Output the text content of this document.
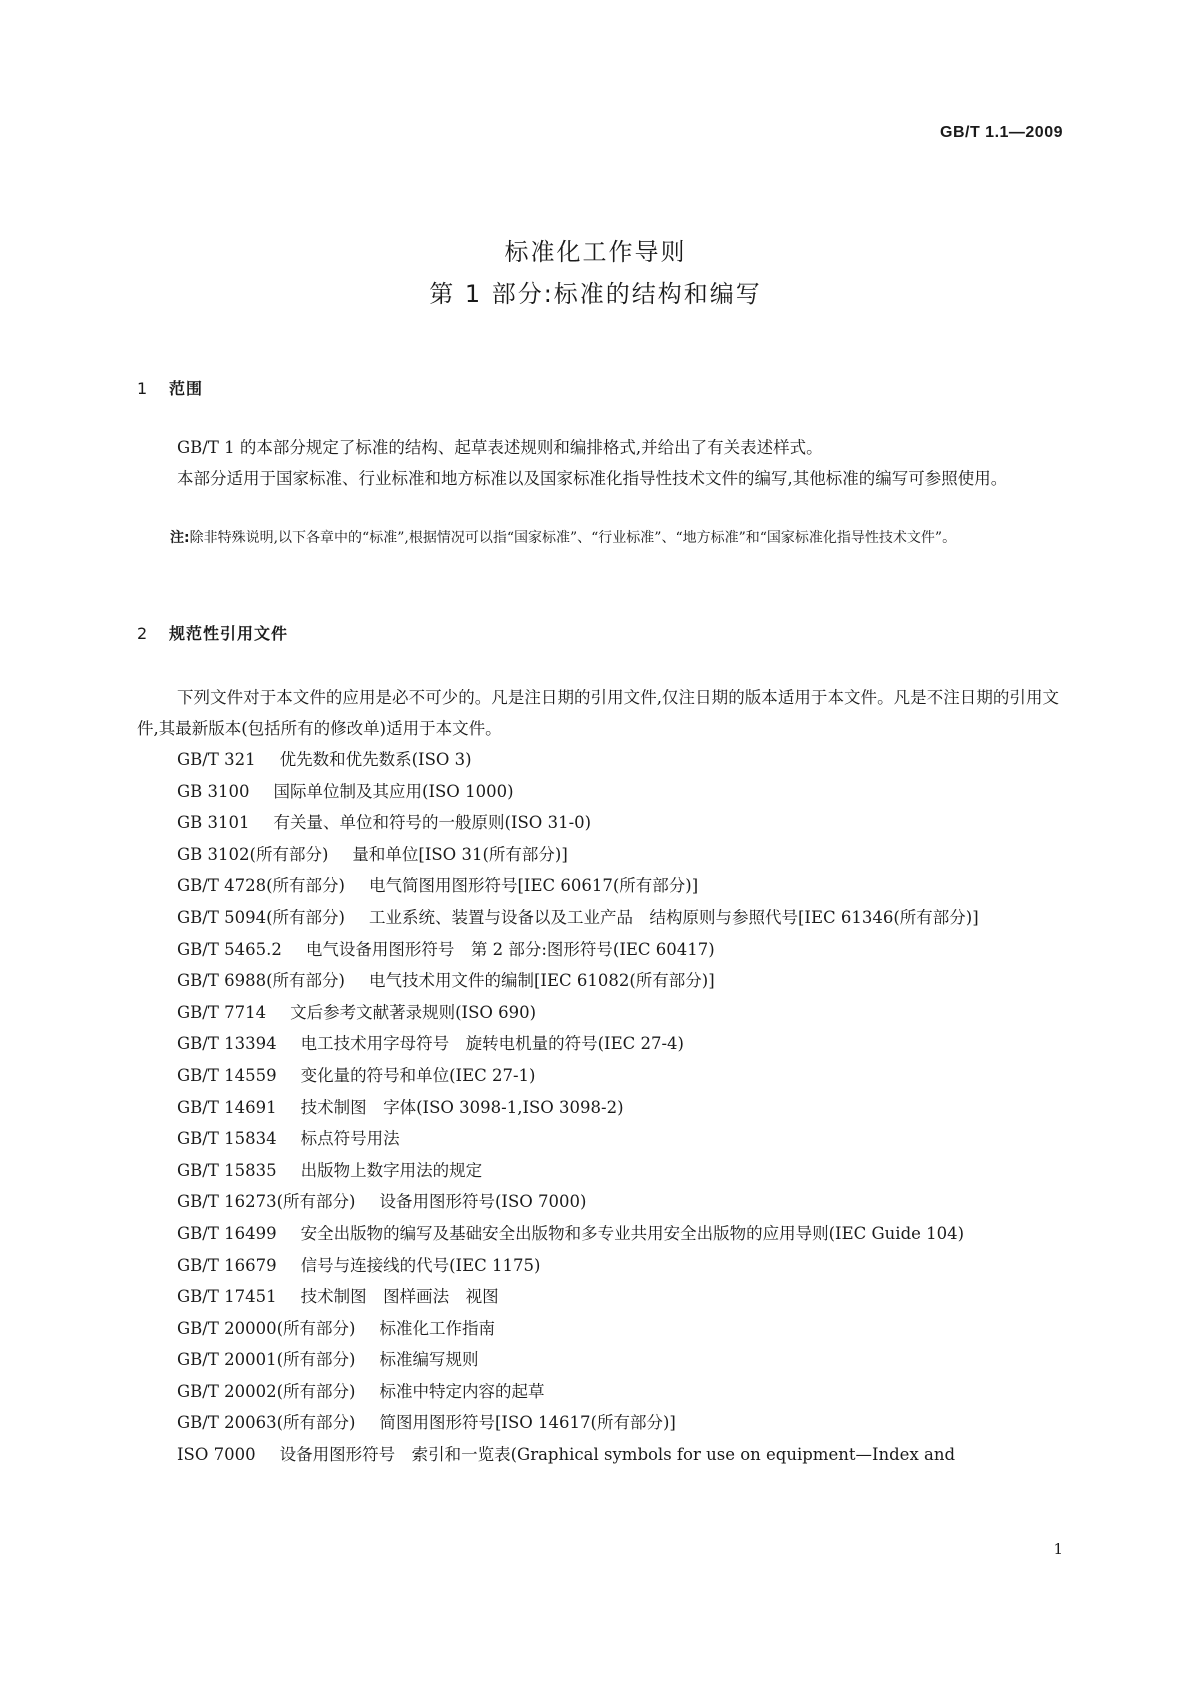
GB/T 1.1—2009
标准化工作导则
第 1 部分:标准的结构和编写
1 范围
GB/T 1 的本部分规定了标准的结构、起草表述规则和编排格式,并给出了有关表述样式。
本部分适用于国家标准、行业标准和地方标准以及国家标准化指导性技术文件的编写,其他标准的编写可参照使用。
注:除非特殊说明,以下各章中的“标准”,根据情况可以指“国家标准”、“行业标准”、“地方标准”和“国家标准化指导性技术文件”。
2 规范性引用文件
下列文件对于本文件的应用是必不可少的。凡是注日期的引用文件,仅注日期的版本适用于本文件。凡是不注日期的引用文件,其最新版本(包括所有的修改单)适用于本文件。
GB/T 321 优先数和优先数系(ISO 3)
GB 3100 国际单位制及其应用(ISO 1000)
GB 3101 有关量、单位和符号的一般原则(ISO 31-0)
GB 3102(所有部分) 量和单位[ISO 31(所有部分)]
GB/T 4728(所有部分) 电气简图用图形符号[IEC 60617(所有部分)]
GB/T 5094(所有部分) 工业系统、装置与设备以及工业产品　结构原则与参照代号[IEC 61346(所有部分)]
GB/T 5465.2 电气设备用图形符号　第 2 部分:图形符号(IEC 60417)
GB/T 6988(所有部分) 电气技术用文件的编制[IEC 61082(所有部分)]
GB/T 7714 文后参考文献著录规则(ISO 690)
GB/T 13394 电工技术用字母符号　旋转电机量的符号(IEC 27-4)
GB/T 14559 变化量的符号和单位(IEC 27-1)
GB/T 14691 技术制图　字体(ISO 3098-1,ISO 3098-2)
GB/T 15834 标点符号用法
GB/T 15835 出版物上数字用法的规定
GB/T 16273(所有部分) 设备用图形符号(ISO 7000)
GB/T 16499 安全出版物的编写及基础安全出版物和多专业共用安全出版物的应用导则(IEC Guide 104)
GB/T 16679 信号与连接线的代号(IEC 1175)
GB/T 17451 技术制图　图样画法　视图
GB/T 20000(所有部分) 标准化工作指南
GB/T 20001(所有部分) 标准编写规则
GB/T 20002(所有部分) 标准中特定内容的起草
GB/T 20063(所有部分) 简图用图形符号[ISO 14617(所有部分)]
ISO 7000 设备用图形符号　索引和一览表(Graphical symbols for use on equipment—Index and
1
